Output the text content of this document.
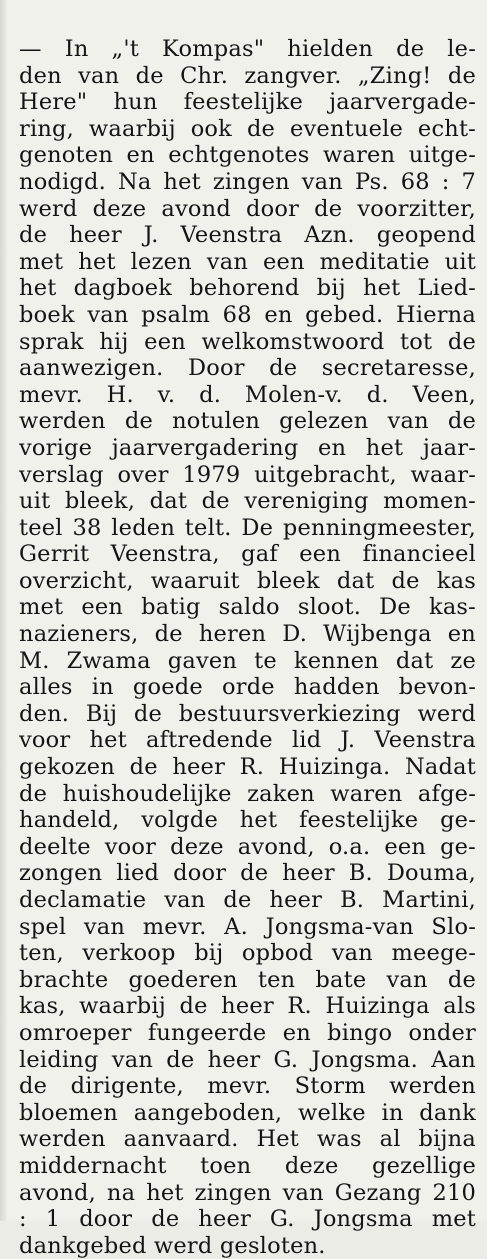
— In „'t Kompas" hielden de le-
den van de Chr. zangver. „Zing! de
Here" hun feestelijke jaarvergade-
ring, waarbij ook de eventuele echt-
genoten en echtgenotes waren uitge-
nodigd. Na het zingen van Ps. 68 : 7
werd deze avond door de voorzitter,
de heer J. Veenstra Azn. geopend
met het lezen van een meditatie uit
het dagboek behorend bij het Lied-
boek van psalm 68 en gebed. Hierna
sprak hij een welkomstwoord tot de
aanwezigen. Door de secretaresse,
mevr. H. v. d. Molen-v. d. Veen,
werden de notulen gelezen van de
vorige jaarvergadering en het jaar-
verslag over 1979 uitgebracht, waar-
uit bleek, dat de vereniging momen-
teel 38 leden telt. De penningmeester,
Gerrit Veenstra, gaf een financieel
overzicht, waaruit bleek dat de kas
met een batig saldo sloot. De kas-
nazieners, de heren D. Wijbenga en
M. Zwama gaven te kennen dat ze
alles in goede orde hadden bevon-
den. Bij de bestuursverkiezing werd
voor het aftredende lid J. Veenstra
gekozen de heer R. Huizinga. Nadat
de huishoudelijke zaken waren afge-
handeld, volgde het feestelijke ge-
deelte voor deze avond, o.a. een ge-
zongen lied door de heer B. Douma,
declamatie van de heer B. Martini,
spel van mevr. A. Jongsma-van Slo-
ten, verkoop bij opbod van meege-
brachte goederen ten bate van de
kas, waarbij de heer R. Huizinga als
omroeper fungeerde en bingo onder
leiding van de heer G. Jongsma. Aan
de dirigente, mevr. Storm werden
bloemen aangeboden, welke in dank
werden aanvaard. Het was al bijna
middernacht toen deze gezellige
avond, na het zingen van Gezang 210
: 1 door de heer G. Jongsma met
dankgebed werd gesloten.
